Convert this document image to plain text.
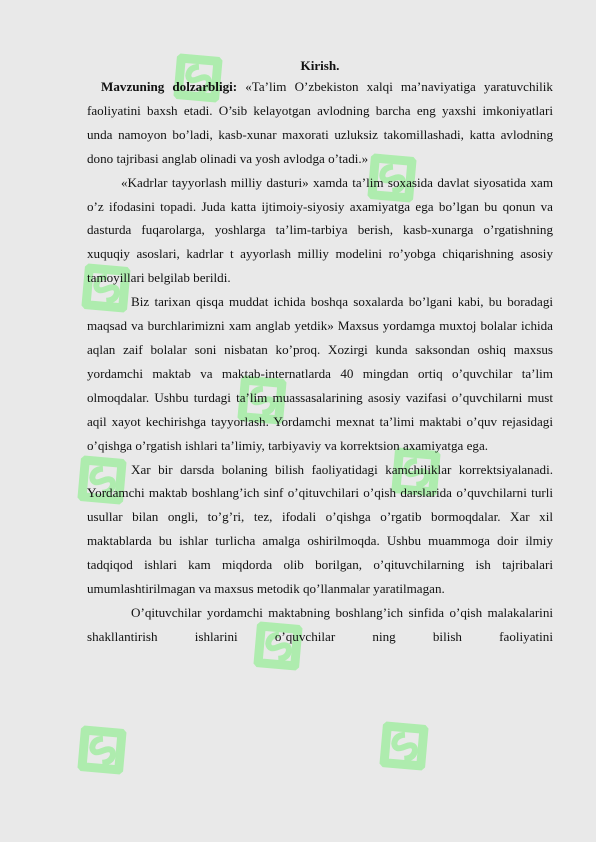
Kirish.

Mavzuning dolzarbligi: «Ta’lim O’zbekiston xalqi ma’naviyatiga yaratuvchilik faoliyatini baxsh etadi. O’sib kelayotgan avlodning barcha eng yaxshi imkoniyatlari unda namoyon bo’ladi, kasb-xunar maxorati uzluksiz takomillashadi, katta avlodning dono tajribasi anglab olinadi va yosh avlodga o’tadi.»

«Kadrlar tayyorlash milliy dasturi» xamda ta’lim soxasida davlat siyosatida xam o’z ifodasini topadi. Juda katta ijtimoiy-siyosiy axamiyatga ega bo’lgan bu qonun va dasturda fuqarolarga, yoshlarga ta’lim-tarbiya berish, kasb-xunarga o’rgatishning xuquqiy asoslari, kadrlar t ayyorlash milliy modelini ro’yobga chiqarishning asosiy tamoyillari belgilab berildi.

Biz tarixan qisqa muddat ichida boshqa soxalarda bo’lgani kabi, bu boradagi maqsad va burchlarimizni xam anglab yetdik» Maxsus yordamga muxtoj bolalar ichida aqlan zaif bolalar soni nisbatan ko’proq. Xozirgi kunda saksondan oshiq maxsus yordamchi maktab va maktab-internatlarda 40 mingdan ortiq o’quvchilar ta’lim olmoqdalar. Ushbu turdagi ta’lim muassasalarining asosiy vazifasi o’quvchilarni must aqil xayot kechirishga tayyorlash. Yordamchi mexnat ta’limi maktabi o’quv rejasidagi o’qishga o’rgatish ishlari ta’limiy, tarbiyaviy va korrektsion axamiyatga ega.

Xar bir darsda bolaning bilish faoliyatidagi kamchiliklar korrektsiyalanadi. Yordamchi maktab boshlang’ich sinf o’qituvchilari o’qish darslarida o’quvchilarni turli usullar bilan ongli, to’g’ri, tez, ifodali o’qishga o’rgatib bormoqdalar. Xar xil maktablarda bu ishlar turlicha amalga oshirilmoqda. Ushbu muammoga doir ilmiy tadqiqod ishlari kam miqdorda olib borilgan, o’qituvchilarning ish tajribalari umumlashtirilmagan va maxsus metodik qo’llanmalar yaratilmagan.

O’qituvchilar yordamchi maktabning boshlang’ich sinfida o’qish malakalarini shakllantirish ishlarini o’quvchilar ning bilish faoliyatini
